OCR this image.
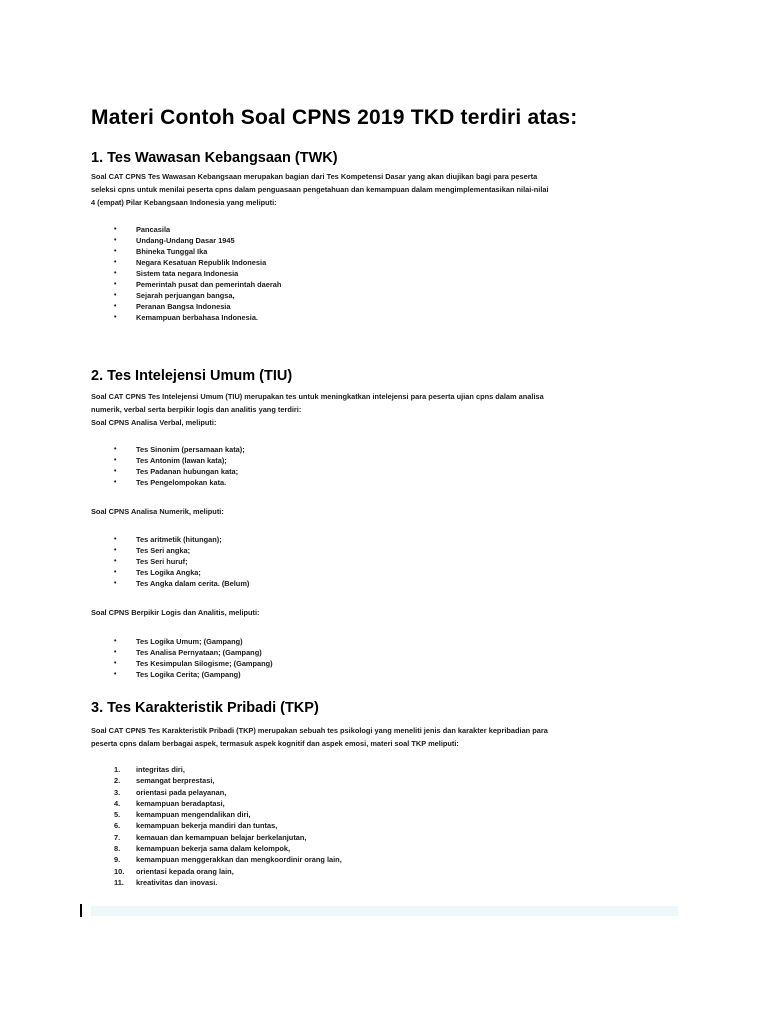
Materi Contoh Soal CPNS 2019 TKD terdiri atas:
1. Tes Wawasan Kebangsaan (TWK)

Soal CAT CPNS Tes Wawasan Kebangsaan merupakan bagian dari Tes Kompetensi Dasar yang akan diujikan bagi para peserta
seleksi cpns untuk menilai peserta cpns dalam penguasaan pengetahuan dan kemampuan dalam mengimplementasikan nilai-nilai
4 (empat) Pilar Kebangsaan Indonesia yang meliputi:

•	Pancasila
•	Undang-Undang Dasar 1945
•	Bhineka Tunggal Ika
•	Negara Kesatuan Republik Indonesia
•	Sistem tata negara Indonesia
•	Pemerintah pusat dan pemerintah daerah
•	Sejarah perjuangan bangsa,
•	Peranan Bangsa Indonesia
•	Kemampuan berbahasa Indonesia.
2. Tes Intelejensi Umum (TIU)

Soal CAT CPNS Tes Intelejensi Umum (TIU) merupakan tes untuk meningkatkan intelejensi para peserta ujian cpns dalam analisa
numerik, verbal serta berpikir logis dan analitis yang terdiri:
Soal CPNS Analisa Verbal, meliputi:

•	Tes Sinonim (persamaan kata);
•	Tes Antonim (lawan kata);
•	Tes Padanan hubungan kata;
•	Tes Pengelompokan kata.

Soal CPNS Analisa Numerik, meliputi:

•	Tes aritmetik (hitungan);
•	Tes Seri angka;
•	Tes Seri huruf;
•	Tes Logika Angka;
•	Tes Angka dalam cerita. (Belum)

Soal CPNS Berpikir Logis dan Analitis, meliputi:

•	Tes Logika Umum; (Gampang)
•	Tes Analisa Pernyataan; (Gampang)
•	Tes Kesimpulan Silogisme; (Gampang)
•	Tes Logika Cerita; (Gampang)
3. Tes Karakteristik Pribadi (TKP)

Soal CAT CPNS Tes Karakteristik Pribadi (TKP) merupakan sebuah tes psikologi yang meneliti jenis dan karakter kepribadian para
peserta cpns dalam berbagai aspek, termasuk aspek kognitif dan aspek emosi, materi soal TKP meliputi:

1. integritas diri,
2. semangat berprestasi,
3. orientasi pada pelayanan,
4. kemampuan beradaptasi,
5. kemampuan mengendalikan diri,
6. kemampuan bekerja mandiri dan tuntas,
7. kemauan dan kemampuan belajar berkelanjutan,
8. kemampuan bekerja sama dalam kelompok,
9. kemampuan menggerakkan dan mengkoordinir orang lain,
10. orientasi kepada orang lain,
11. kreativitas dan inovasi.
